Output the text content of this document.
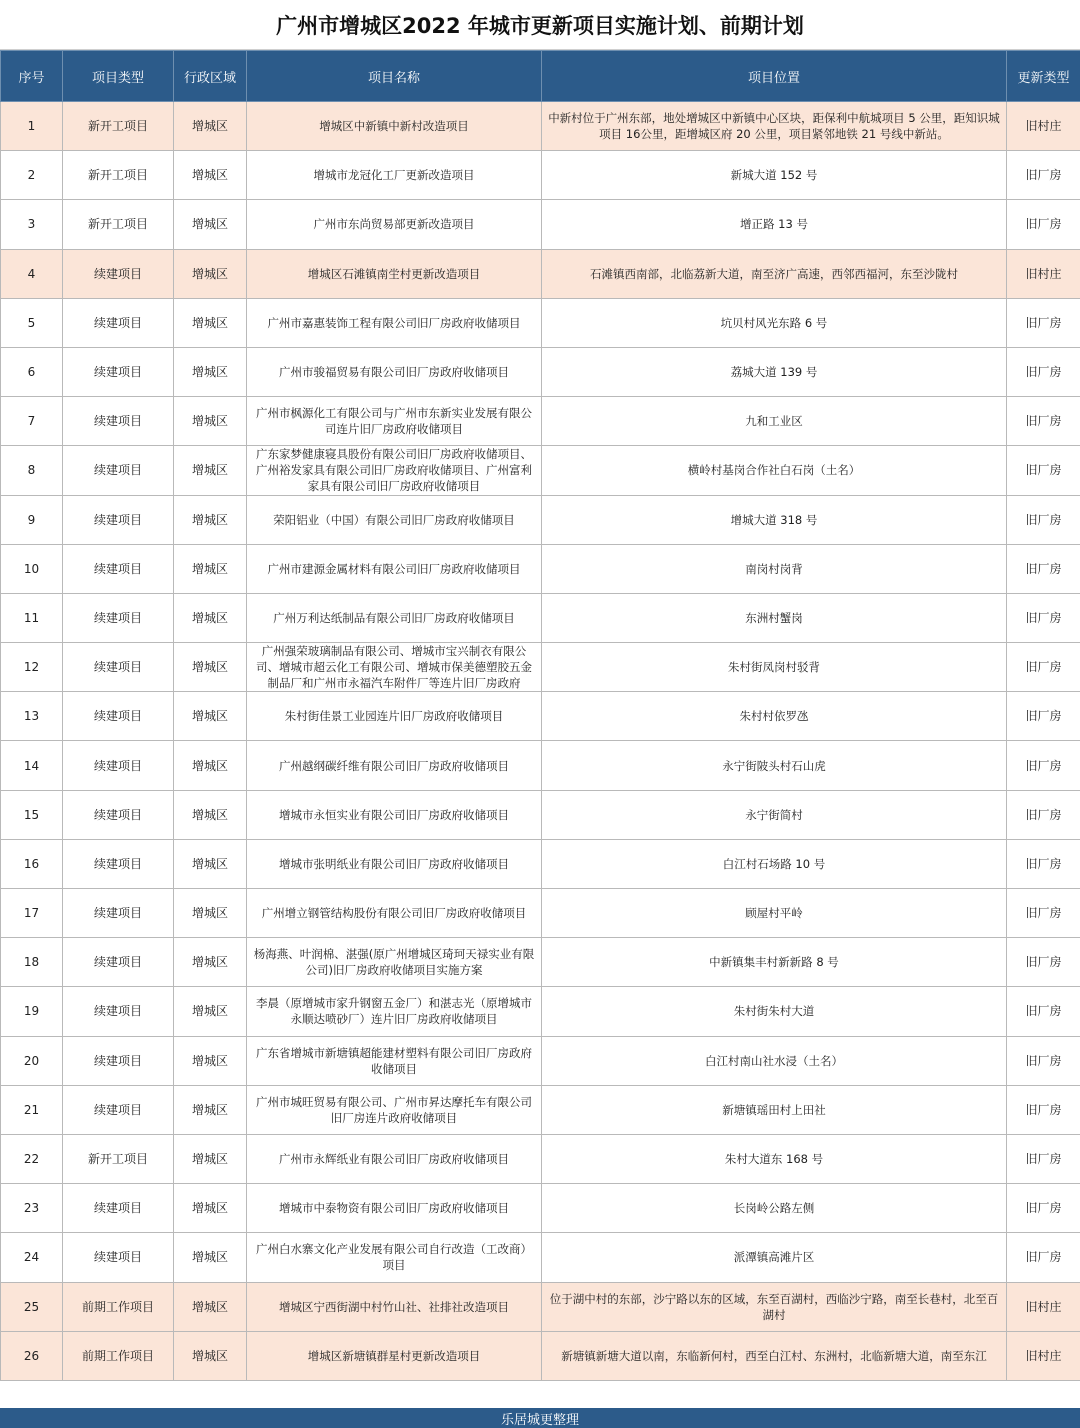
广州市增城区2022 年城市更新项目实施计划、前期计划
序号	项目类型	行政区域	项目名称	项目位置	更新类型
1	新开工项目	增城区	增城区中新镇中新村改造项目	中新村位于广州东部，地处增城区中新镇中心区块，距保利中航城项目 5 公里，距知识城项目 16公里，距增城区府 20 公里，项目紧邻地铁 21 号线中新站。	旧村庄
2	新开工项目	增城区	增城市龙冠化工厂更新改造项目	新城大道 152 号	旧厂房
3	新开工项目	增城区	广州市东尚贸易部更新改造项目	增正路 13 号	旧厂房
4	续建项目	增城区	增城区石滩镇南坣村更新改造项目	石滩镇西南部，北临荔新大道，南至济广高速，西邻西福河，东至沙陇村	旧村庄
5	续建项目	增城区	广州市嘉惠装饰工程有限公司旧厂房政府收储项目	坑贝村风光东路 6 号	旧厂房
6	续建项目	增城区	广州市骏福贸易有限公司旧厂房政府收储项目	荔城大道 139 号	旧厂房
7	续建项目	增城区	广州市枫源化工有限公司与广州市东新实业发展有限公司连片旧厂房政府收储项目	九和工业区	旧厂房
8	续建项目	增城区	广东家梦健康寝具股份有限公司旧厂房政府收储项目、广州裕发家具有限公司旧厂房政府收储项目、广州富利家具有限公司旧厂房政府收储项目	横岭村基岗合作社白石岗（土名）	旧厂房
9	续建项目	增城区	荣阳铝业（中国）有限公司旧厂房政府收储项目	增城大道 318 号	旧厂房
10	续建项目	增城区	广州市建源金属材料有限公司旧厂房政府收储项目	南岗村岗背	旧厂房
11	续建项目	增城区	广州万利达纸制品有限公司旧厂房政府收储项目	东洲村蟹岗	旧厂房
12	续建项目	增城区	广州强荣玻璃制品有限公司、增城市宝兴制衣有限公司、增城市超云化工有限公司、增城市保美德塑胶五金制品厂和广州市永福汽车附件厂等连片旧厂房政府	朱村街凤岗村驳背	旧厂房
13	续建项目	增城区	朱村街佳景工业园连片旧厂房政府收储项目	朱村村依罗氹	旧厂房
14	续建项目	增城区	广州越纲碳纤维有限公司旧厂房政府收储项目	永宁街陂头村石山虎	旧厂房
15	续建项目	增城区	增城市永恒实业有限公司旧厂房政府收储项目	永宁街简村	旧厂房
16	续建项目	增城区	增城市张明纸业有限公司旧厂房政府收储项目	白江村石场路 10 号	旧厂房
17	续建项目	增城区	广州增立钢管结构股份有限公司旧厂房政府收储项目	顾屋村平岭	旧厂房
18	续建项目	增城区	杨海燕、叶润棉、湛强(原广州增城区琦珂天禄实业有限公司)旧厂房政府收储项目实施方案	中新镇集丰村新新路 8 号	旧厂房
19	续建项目	增城区	李晨（原增城市家升钢窗五金厂）和湛志光（原增城市永顺达喷砂厂）连片旧厂房政府收储项目	朱村街朱村大道	旧厂房
20	续建项目	增城区	广东省增城市新塘镇超能建材塑料有限公司旧厂房政府收储项目	白江村南山社水浸（土名）	旧厂房
21	续建项目	增城区	广州市城旺贸易有限公司、广州市昇达摩托车有限公司旧厂房连片政府收储项目	新塘镇瑶田村上田社	旧厂房
22	新开工项目	增城区	广州市永辉纸业有限公司旧厂房政府收储项目	朱村大道东 168 号	旧厂房
23	续建项目	增城区	增城市中泰物资有限公司旧厂房政府收储项目	长岗岭公路左侧	旧厂房
24	续建项目	增城区	广州白水寨文化产业发展有限公司自行改造（工改商）项目	派潭镇高滩片区	旧厂房
25	前期工作项目	增城区	增城区宁西街湖中村竹山社、社排社改造项目	位于湖中村的东部，沙宁路以东的区域，东至百湖村，西临沙宁路，南至长巷村，北至百湖村	旧村庄
26	前期工作项目	增城区	增城区新塘镇群星村更新改造项目	新塘镇新塘大道以南，东临新何村，西至白江村、东洲村，北临新塘大道，南至东江	旧村庄
乐居城更整理
